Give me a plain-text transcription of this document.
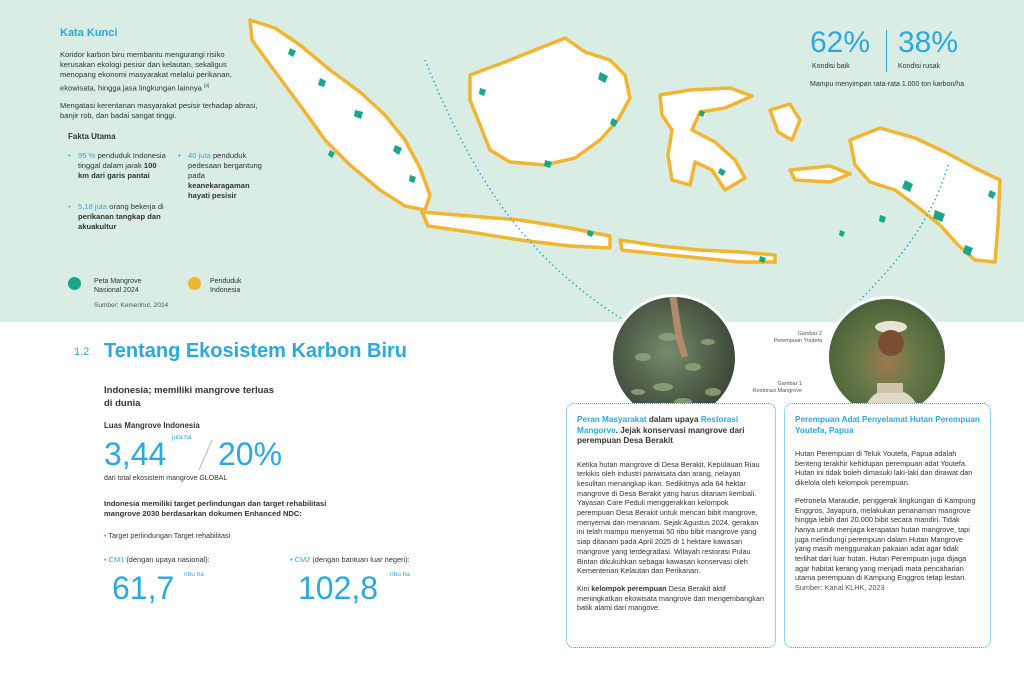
Kata Kunci
Koridor karbon biru membantu mengurangi risiko kerusakan ekologi pesisir dan kelautan, sekaligus menopang ekonomi masyarakat melalui perikanan, ekowisata, hingga jasa lingkungan lainnya [3]
Mengatasi kerentanan masyarakat pesisir terhadap abrasi, banjir rob, dan badai sangat tinggi.
Fakta Utama
• 95 % penduduk Indonesia tinggal dalam jarak 100 km dari garis pantai
• 40 juta penduduk pedesaan bergantung pada keanekaragaman hayati pesisir
• 5,18 juta orang bekerja di perikanan tangkap dan akuakultur
Peta Mangrove Nasional 2024
Penduduk Indonesia
Sumber: Kemenhut, 2024
62% 38%
Kondisi baik	Kondisi rusak
Mampu menyimpan rata-rata 1.000 ton karbon/ha
1.2 Tentang Ekosistem Karbon Biru
Indonesia; memiliki mangrove terluas di dunia
Luas Mangrove Indonesia
3,44 juta ha 20%
dari total ekosistem mangrove GLOBAL
Indonesia memiliki target perlindungan dan target rehabilitasi mangrove 2030 berdasarkan dokumen Enhanced NDC:
• Target perlindungan Target rehabilitasi
• CM1 (dengan upaya nasional):
61,7 ribu ha
• CM2 (dengan bantuan luar negeri):
102,8 ribu ha
Gambar 1
Restorasi Mangrove
Gambar 2
Perempuan Youtefa
Peran Masyarakat dalam upaya Restorasi Mangorve. Jejak konservasi mangrove dari perempuan Desa Berakit
Ketika hutan mangrove di Desa Berakit, Kepulauan Riau terkikis oleh industri pariwisata dan arang, nelayan kesulitan menangkap ikan. Sedikitnya ada 64 hektar mangrove di Desa Berakit yang harus ditanam kembali. Yayasan Care Peduli menggerakkan kelompok perempuan Desa Berakit untuk mencari bibit mangrove, menyemai dan menanam. Sejak Agustus 2024, gerakan ini telah mampu menyemai 50 ribu bibit mangrove yang siap ditanam pada April 2025 di 1 hektare kawasan mangrove yang terdegradasi. Wilayah restorasi Pulau Bintan dikukuhkan sebagai kawasan konservasi oleh Kementerian Kelautan dan Perikanan.
Kini kelompok perempuan Desa Berakit aktif meningkatkan ekowisata mangrove dan mengembangkan batik alami dari mangove.
Perempuan Adat Penyelamat Hutan Perempuan Youtefa, Papua
Hutan Perempuan di Teluk Youtefa, Papua adalah benteng terakhir kehidupan perempuan adat Youtefa. Hutan ini tidak boleh dimasuki laki-laki dan dirawat dan dikelola oleh kelompok perempuan.
Petronela Maraudie, penggerak lingkungan di Kampung Enggros, Jayapura, melakukan penanaman mangrove hingga lebih dari 20.000 bibit secara mandiri. Tidak hanya untuk menjaga kerapatan hutan mangrove, tapi juga melindungi perempuan dalam Hutan Mangrove yang masih menggunakan pakaian adat agar tidak terlihat dari luar hutan. Hutan Perempuan juga dijaga agar habitat kerang yang menjadi mata pencaharian utama perempuan di Kampung Enggros tetap lestari.
Sumber: Kanal KLHK, 2023
